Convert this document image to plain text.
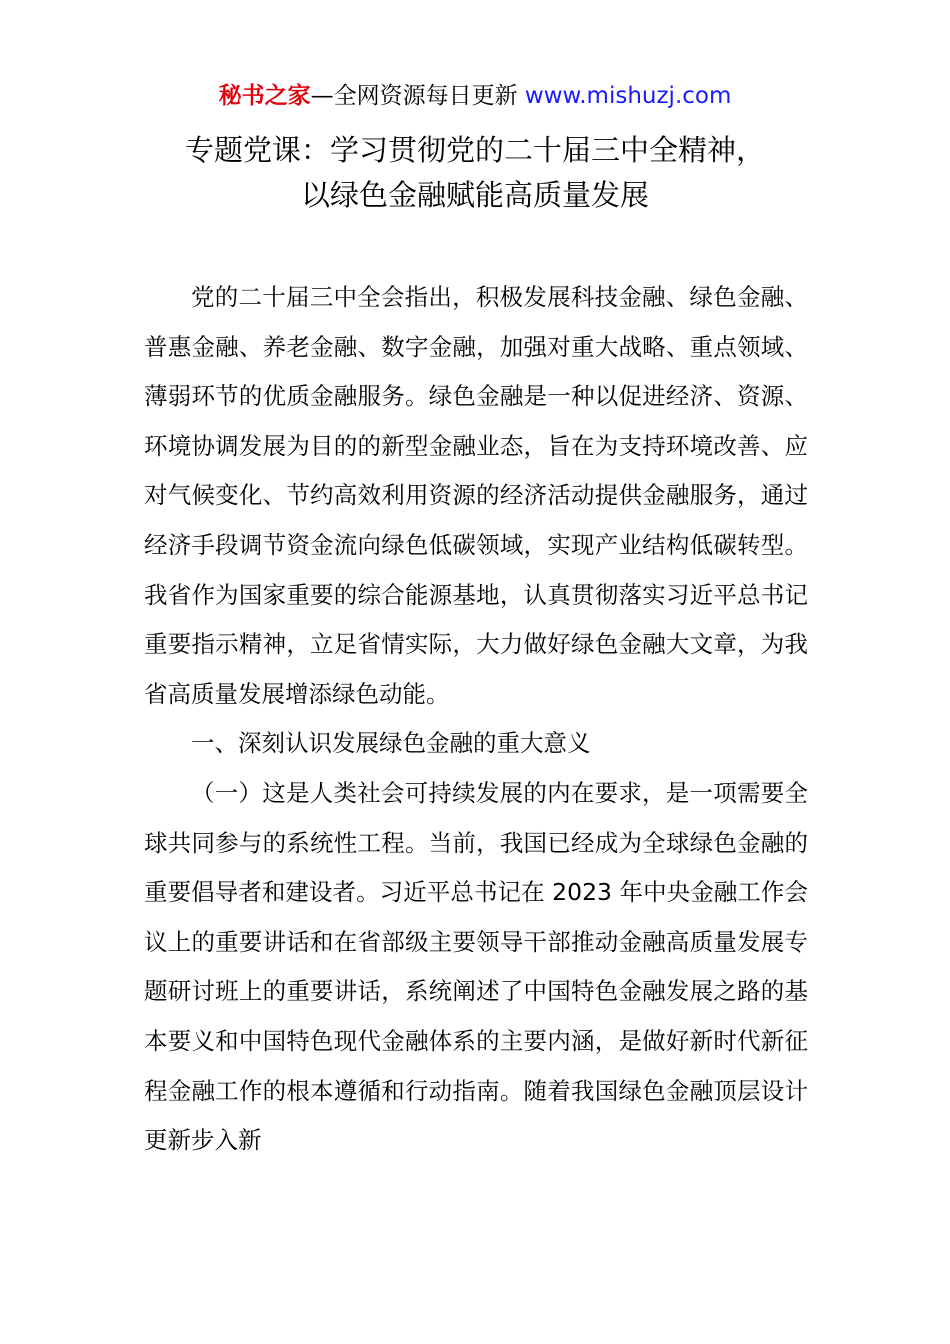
秘书之家—全网资源每日更新 www.mishuzj.com
专题党课：学习贯彻党的二十届三中全精神，
以绿色金融赋能高质量发展

党的二十届三中全会指出，积极发展科技金融、绿色金融、普惠金融、养老金融、数字金融，加强对重大战略、重点领域、薄弱环节的优质金融服务。绿色金融是一种以促进经济、资源、环境协调发展为目的的新型金融业态，旨在为支持环境改善、应对气候变化、节约高效利用资源的经济活动提供金融服务，通过经济手段调节资金流向绿色低碳领域，实现产业结构低碳转型。我省作为国家重要的综合能源基地，认真贯彻落实习近平总书记重要指示精神，立足省情实际，大力做好绿色金融大文章，为我省高质量发展增添绿色动能。

一、深刻认识发展绿色金融的重大意义

（一）这是人类社会可持续发展的内在要求，是一项需要全球共同参与的系统性工程。当前，我国已经成为全球绿色金融的重要倡导者和建设者。习近平总书记在 2023 年中央金融工作会议上的重要讲话和在省部级主要领导干部推动金融高质量发展专题研讨班上的重要讲话，系统阐述了中国特色金融发展之路的基本要义和中国特色现代金融体系的主要内涵，是做好新时代新征程金融工作的根本遵循和行动指南。随着我国绿色金融顶层设计更新步入新
